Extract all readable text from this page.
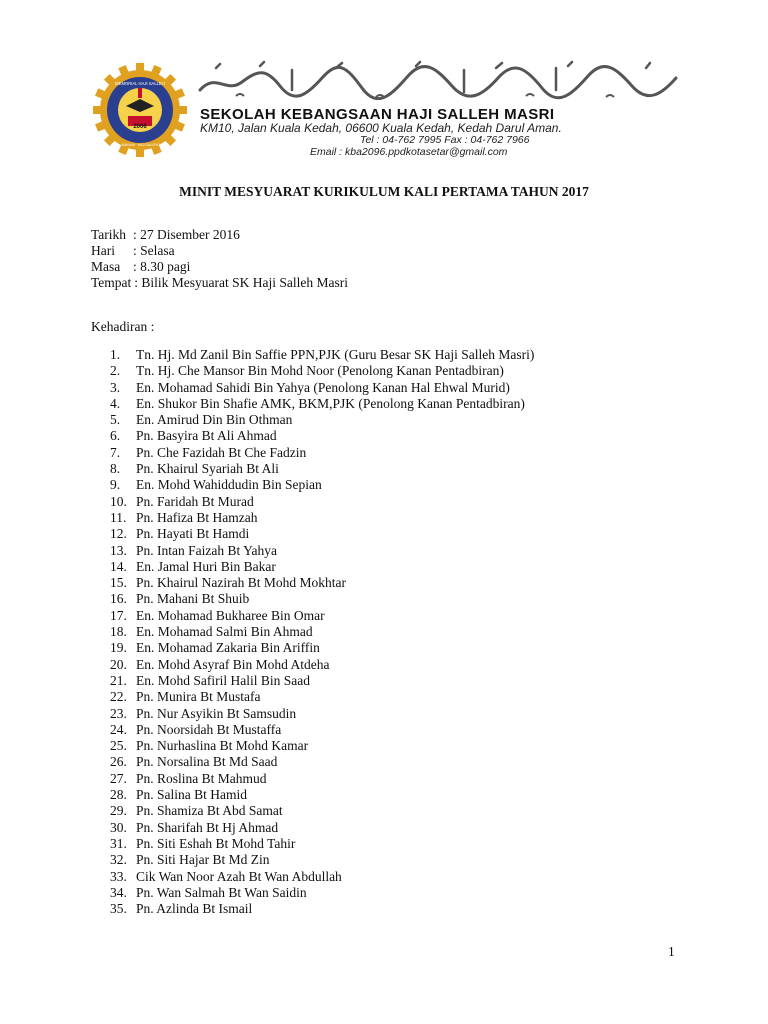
2006
MEMORIAL HAJI SALLEH
ILMU · AMANAH · HAJI SALLEH MASRI
SEKOLAH KEBANGSAAN HAJI SALLEH MASRI
KM10, Jalan Kuala Kedah, 06600 Kuala Kedah, Kedah Darul Aman.
Tel : 04-762 7995 Fax : 04-762 7966
Email : kba2096.ppdkotasetar@gmail.com
MINIT MESYUARAT KURIKULUM KALI PERTAMA TAHUN 2017
Tarikh : 27 Disember 2016
Hari	: Selasa
Masa : 8.30 pagi
Tempat : Bilik Mesyuarat SK Haji Salleh Masri
Kehadiran :
1.	Tn. Hj. Md Zanil Bin Saffie PPN,PJK (Guru Besar SK Haji Salleh Masri)
2.	Tn. Hj. Che Mansor Bin Mohd Noor (Penolong Kanan Pentadbiran)
3.	En. Mohamad Sahidi Bin Yahya (Penolong Kanan Hal Ehwal Murid)
4.	En. Shukor Bin Shafie AMK, BKM,PJK (Penolong Kanan Pentadbiran)
5.	En. Amirud Din Bin Othman
6.	Pn. Basyira Bt Ali Ahmad
7.	Pn. Che Fazidah Bt Che Fadzin
8.	Pn. Khairul Syariah Bt Ali
9.	En. Mohd Wahiddudin Bin Sepian
10. Pn. Faridah Bt Murad
11. Pn. Hafiza Bt Hamzah
12. Pn. Hayati Bt Hamdi
13. Pn. Intan Faizah Bt Yahya
14. En. Jamal Huri Bin Bakar
15. Pn. Khairul Nazirah Bt Mohd Mokhtar
16. Pn. Mahani Bt Shuib
17. En. Mohamad Bukharee Bin Omar
18. En. Mohamad Salmi Bin Ahmad
19. En. Mohamad Zakaria Bin Ariffin
20. En. Mohd Asyraf Bin Mohd Atdeha
21. En. Mohd Safiril Halil Bin Saad
22. Pn. Munira Bt Mustafa
23. Pn. Nur Asyikin Bt Samsudin
24. Pn. Noorsidah Bt Mustaffa
25. Pn. Nurhaslina Bt Mohd Kamar
26. Pn. Norsalina Bt Md Saad
27. Pn. Roslina Bt Mahmud
28. Pn. Salina Bt Hamid
29. Pn. Shamiza Bt Abd Samat
30. Pn. Sharifah Bt Hj Ahmad
31. Pn. Siti Eshah Bt Mohd Tahir
32. Pn. Siti Hajar Bt Md Zin
33. Cik Wan Noor Azah Bt Wan Abdullah
34. Pn. Wan Salmah Bt Wan Saidin
35. Pn. Azlinda Bt Ismail
1
